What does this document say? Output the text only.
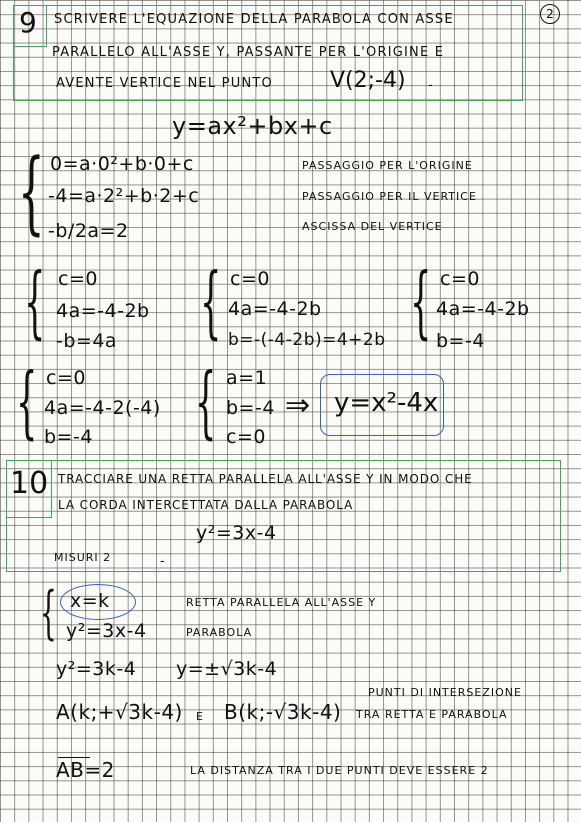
2
9 SCRIVERE L'EQUAZIONE DELLA PARABOLA CON ASSE
PARALLELO ALL'ASSE Y, PASSANTE PER L'ORIGINE E
AVENTE VERTICE NEL PUNTO	V(2;-4) -
y=ax²+bx+c
{ 0=a·0²+b·0+c
-4=a·2²+b·2+c
-b/2a=2
PASSAGGIO PER L'ORIGINE
PASSAGGIO PER IL VERTICE
ASCISSA DEL VERTICE
{ c=0
4a=-4-2b
-b=4a { c=0
4a=-4-2b
b=-(-4-2b)=4+2b { c=0
4a=-4-2b
b=-4
{ c=0
4a=-4-2(-4)
b=-4 { a=1
b=-4
c=0
⇒ y=x²-4x
10 TRACCIARE UNA RETTA PARALLELA ALL'ASSE Y IN MODO CHE
LA CORDA INTERCETTATA DALLA PARABOLA
y²=3x-4
MISURI 2	-
{ x=k
y²=3x-4
RETTA PARALLELA ALL'ASSE Y
PARABOLA
y²=3k-4 y=±√3k-4
A(k;+√3k-4) E B(k;-√3k-4)
PUNTI DI INTERSEZIONE
TRA RETTA E PARABOLA
AB=2	LA DISTANZA TRA I DUE PUNTI DEVE ESSERE 2
